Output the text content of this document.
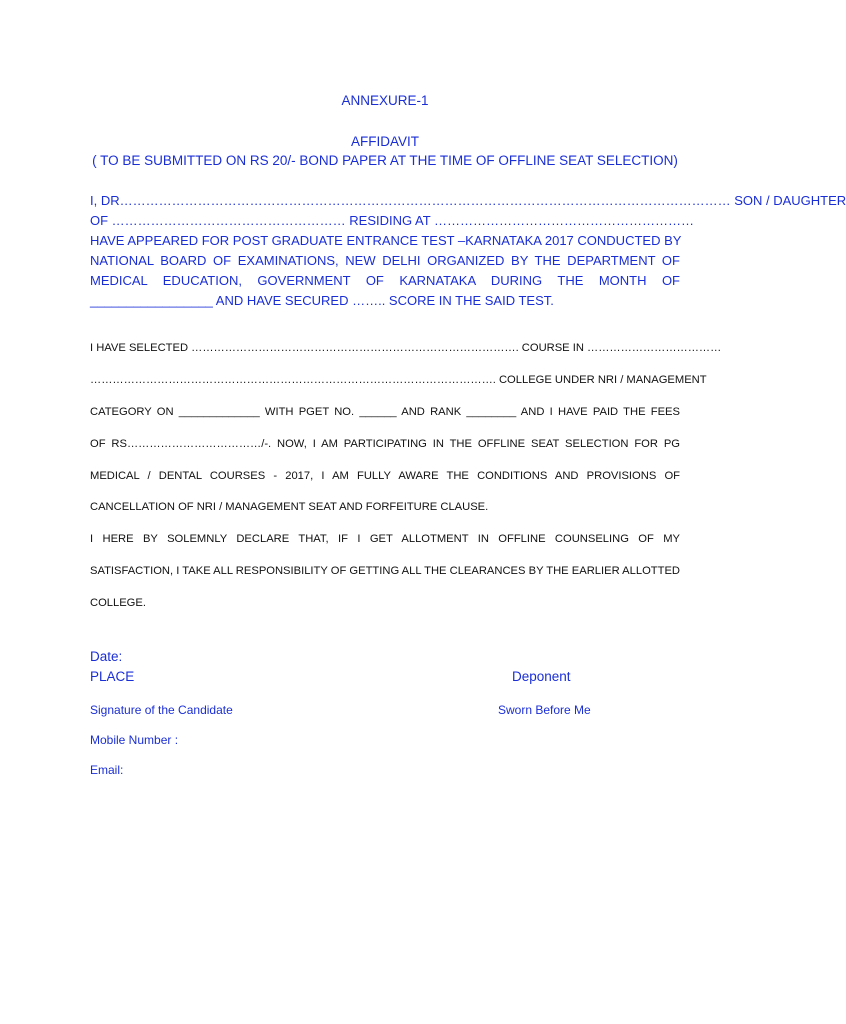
ANNEXURE-1
AFFIDAVIT
( TO BE SUBMITTED ON RS 20/- BOND PAPER AT THE TIME OF OFFLINE SEAT SELECTION)
I, DR…………………………………………………………………………………………………………………………… SON / DAUGHTER
OF ……………………………………………… RESIDING AT ……………………………………………………
HAVE APPEARED FOR POST GRADUATE ENTRANCE TEST –KARNATAKA 2017 CONDUCTED BY
NATIONAL BOARD OF EXAMINATIONS, NEW DELHI ORGANIZED BY THE DEPARTMENT OF
MEDICAL EDUCATION, GOVERNMENT OF KARNATAKA DURING THE MONTH OF
_________________ AND HAVE SECURED …….. SCORE IN THE SAID TEST.
I HAVE SELECTED ……………………………………………………………………………. COURSE IN ………………………………
………………………………………………………………………………………………. COLLEGE UNDER NRI / MANAGEMENT
CATEGORY ON _____________ WITH PGET NO. ______ AND RANK ________ AND I HAVE PAID THE FEES
OF RS………………………………/-. NOW, I AM PARTICIPATING IN THE OFFLINE SEAT SELECTION FOR PG
MEDICAL / DENTAL COURSES - 2017, I AM FULLY AWARE THE CONDITIONS AND PROVISIONS OF
CANCELLATION OF NRI / MANAGEMENT SEAT AND FORFEITURE CLAUSE.
I HERE BY SOLEMNLY DECLARE THAT, IF I GET ALLOTMENT IN OFFLINE COUNSELING OF MY
SATISFACTION, I TAKE ALL RESPONSIBILITY OF GETTING ALL THE CLEARANCES BY THE EARLIER ALLOTTED
COLLEGE.
Date:
PLACE	Deponent
Signature of the Candidate	Sworn Before Me
Mobile Number :
Email:
